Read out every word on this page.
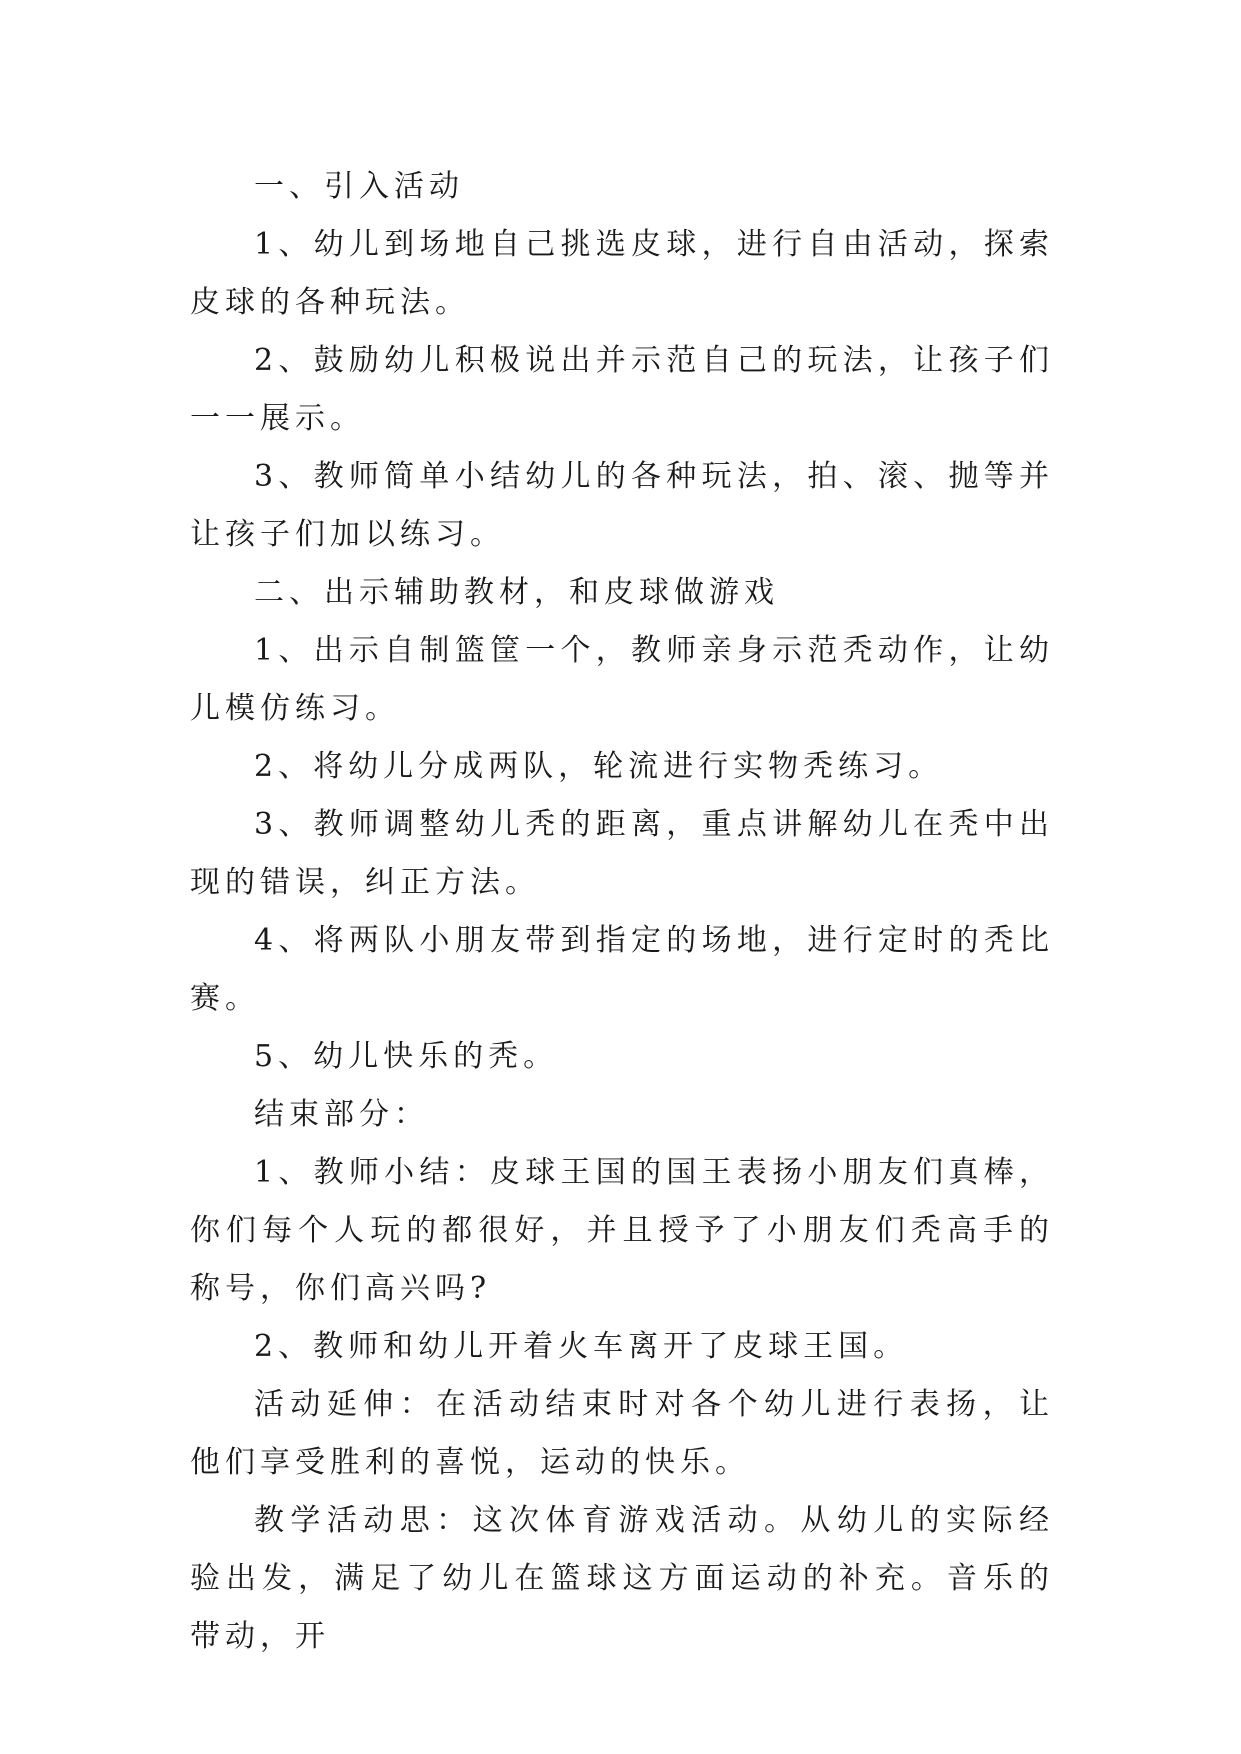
一、引入活动

1、幼儿到场地自己挑选皮球，进行自由活动，探索皮球的各种玩法。

2、鼓励幼儿积极说出并示范自己的玩法，让孩子们一一展示。

3、教师简单小结幼儿的各种玩法，拍、滚、抛等并让孩子们加以练习。

二、出示辅助教材，和皮球做游戏

1、出示自制篮筐一个，教师亲身示范秃动作，让幼儿模仿练习。

2、将幼儿分成两队，轮流进行实物秃练习。

3、教师调整幼儿秃的距离，重点讲解幼儿在秃中出现的错误，纠正方法。

4、将两队小朋友带到指定的场地，进行定时的秃比赛。

5、幼儿快乐的秃。

结束部分：

1、教师小结：皮球王国的国王表扬小朋友们真棒，你们每个人玩的都很好，并且授予了小朋友们秃高手的称号，你们高兴吗?

2、教师和幼儿开着火车离开了皮球王国。

活动延伸：在活动结束时对各个幼儿进行表扬，让他们享受胜利的喜悦，运动的快乐。

教学活动思：这次体育游戏活动。从幼儿的实际经验出发，满足了幼儿在篮球这方面运动的补充。音乐的带动，开
